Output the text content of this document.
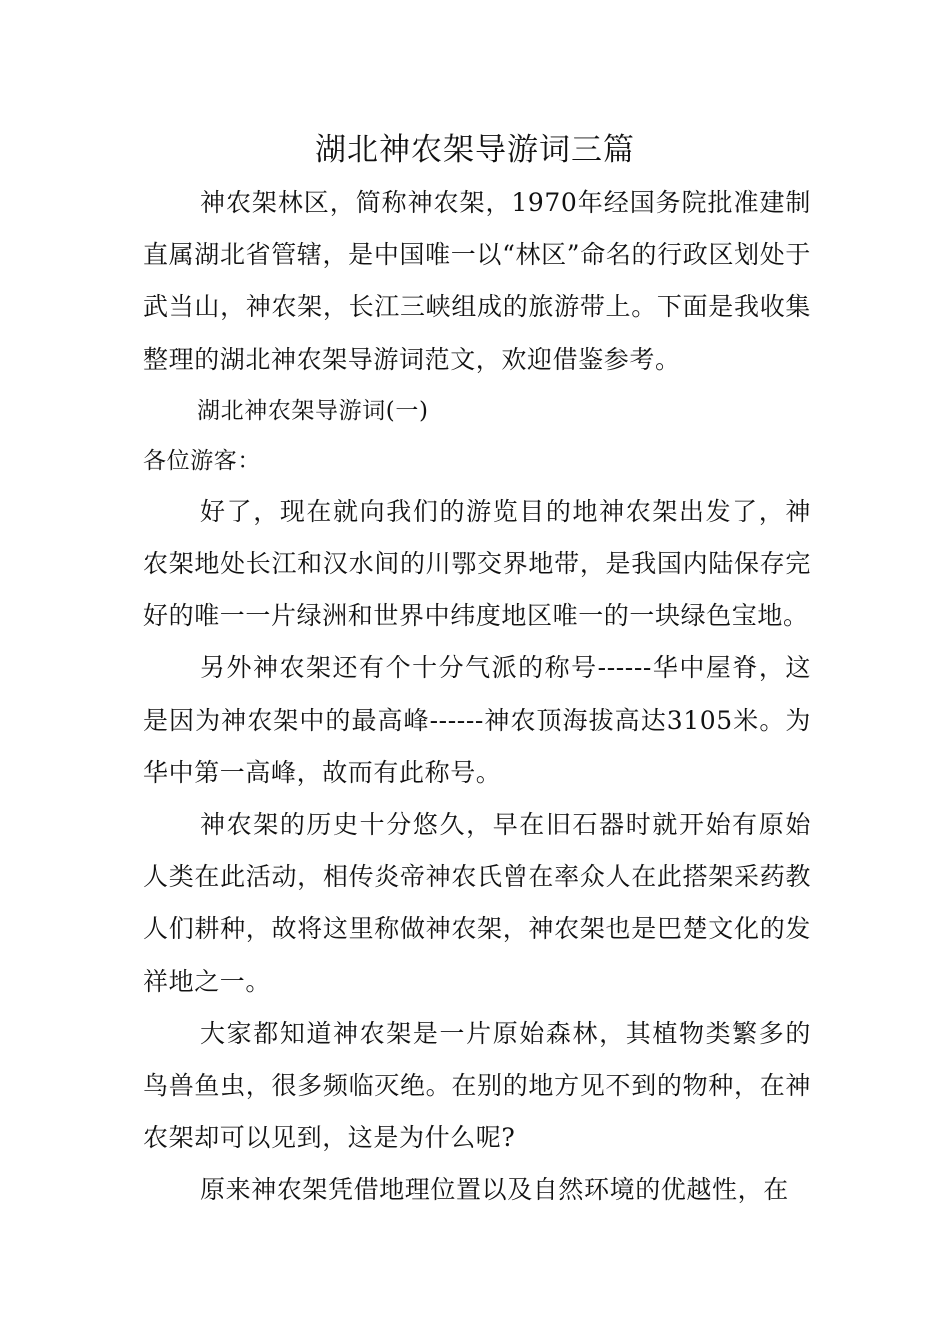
湖北神农架导游词三篇

神农架林区，简称神农架，1970年经国务院批准建制直属湖北省管辖，是中国唯一以“林区”命名的行政区划处于武当山，神农架，长江三峡组成的旅游带上。下面是我收集整理的湖北神农架导游词范文，欢迎借鉴参考。

湖北神农架导游词(一)

各位游客：

好了，现在就向我们的游览目的地神农架出发了，神农架地处长江和汉水间的川鄂交界地带，是我国内陆保存完好的唯一一片绿洲和世界中纬度地区唯一的一块绿色宝地。

另外神农架还有个十分气派的称号------华中屋脊，这是因为神农架中的最高峰------神农顶海拔高达3105米。为华中第一高峰，故而有此称号。

神农架的历史十分悠久，早在旧石器时就开始有原始人类在此活动，相传炎帝神农氏曾在率众人在此搭架采药教人们耕种，故将这里称做神农架，神农架也是巴楚文化的发祥地之一。

大家都知道神农架是一片原始森林，其植物类繁多的鸟兽鱼虫，很多频临灭绝。在别的地方见不到的物种，在神农架却可以见到，这是为什么呢?

原来神农架凭借地理位置以及自然环境的优越性，在
